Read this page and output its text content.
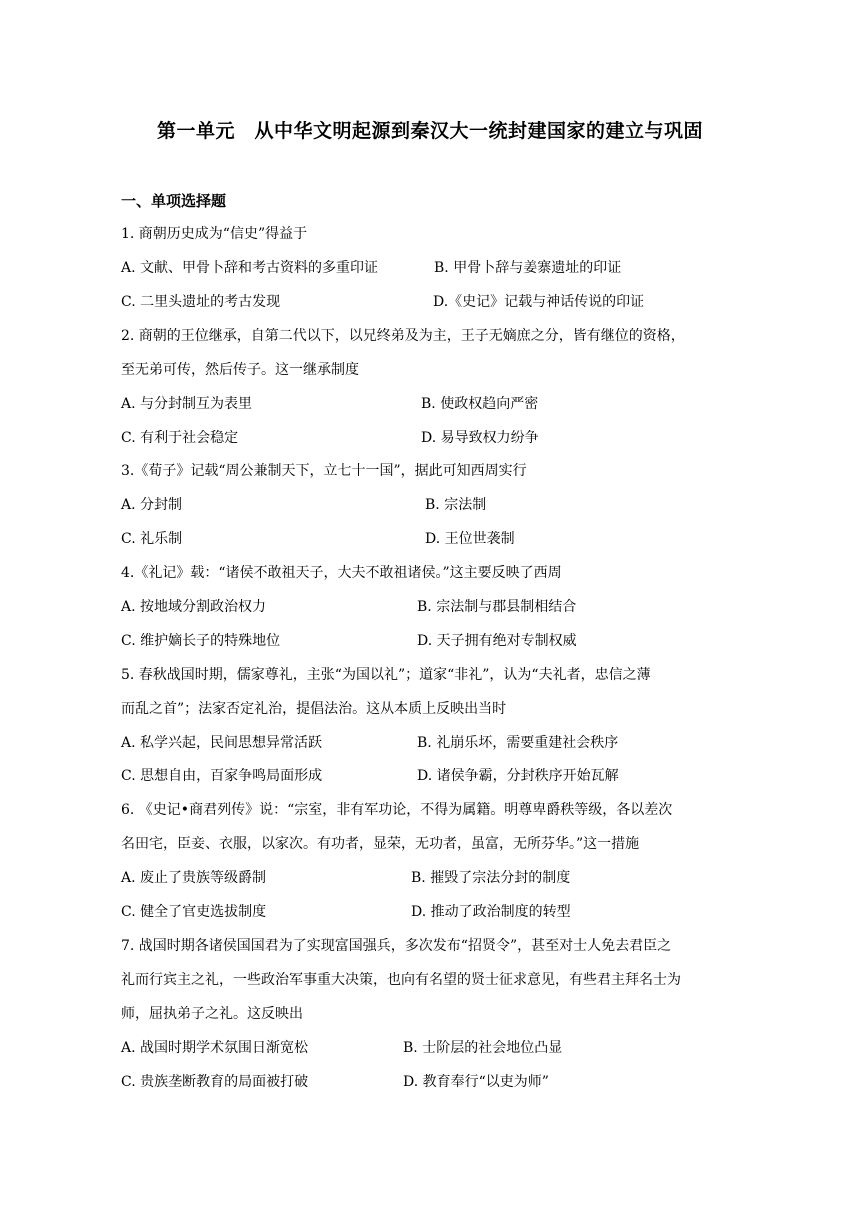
第一单元　从中华文明起源到秦汉大一统封建国家的建立与巩固
一、单项选择题
1. 商朝历史成为“信史”得益于
A. 文献、甲骨卜辞和考古资料的多重印证	B. 甲骨卜辞与姜寨遗址的印证
C. 二里头遗址的考古发现	D.《史记》记载与神话传说的印证
2. 商朝的王位继承，自第二代以下，以兄终弟及为主，王子无嫡庶之分，皆有继位的资格，
至无弟可传，然后传子。这一继承制度
A. 与分封制互为表里	B. 使政权趋向严密
C. 有利于社会稳定	D. 易导致权力纷争
3.《荀子》记载“周公兼制天下，立七十一国”，据此可知西周实行
A. 分封制	B. 宗法制
C. 礼乐制	D. 王位世袭制
4.《礼记》载：“诸侯不敢祖天子，大夫不敢祖诸侯。”这主要反映了西周
A. 按地域分割政治权力	B. 宗法制与郡县制相结合
C. 维护嫡长子的特殊地位	D. 天子拥有绝对专制权威
5. 春秋战国时期，儒家尊礼，主张“为国以礼”；道家“非礼”，认为“夫礼者，忠信之薄
而乱之首”；法家否定礼治，提倡法治。这从本质上反映出当时
A. 私学兴起，民间思想异常活跃	B. 礼崩乐坏，需要重建社会秩序
C. 思想自由，百家争鸣局面形成	D. 诸侯争霸，分封秩序开始瓦解
6. 《史记•商君列传》说：“宗室，非有军功论，不得为属籍。明尊卑爵秩等级，各以差次
名田宅，臣妾、衣服，以家次。有功者，显荣，无功者，虽富，无所芬华。”这一措施
A. 废止了贵族等级爵制	B. 摧毁了宗法分封的制度
C. 健全了官吏选拔制度	D. 推动了政治制度的转型
7. 战国时期各诸侯国国君为了实现富国强兵，多次发布“招贤令”，甚至对士人免去君臣之
礼而行宾主之礼，一些政治军事重大决策，也向有名望的贤士征求意见，有些君主拜名士为
师，屈执弟子之礼。这反映出
A. 战国时期学术氛围日渐宽松	B. 士阶层的社会地位凸显
C. 贵族垄断教育的局面被打破	D. 教育奉行“以吏为师”
